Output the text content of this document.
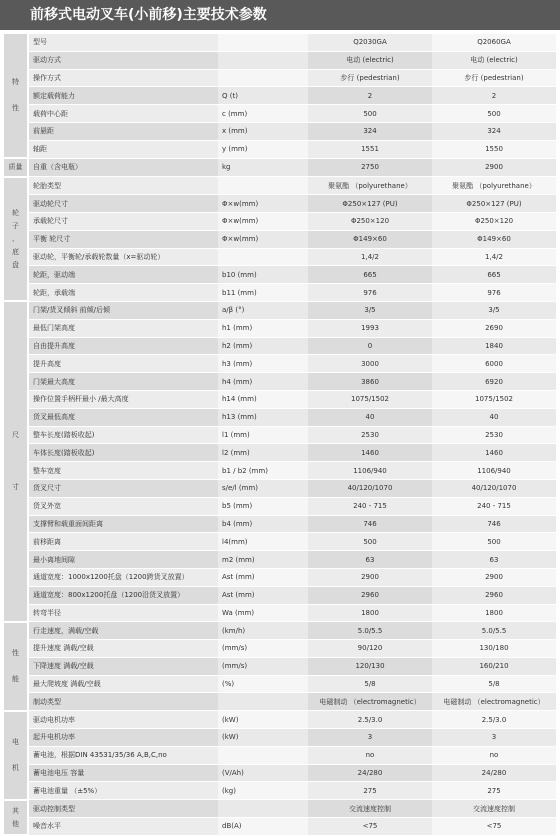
前移式电动叉车(小前移)主要技术参数
特

性	型号		Q2030GA	Q2060GA
	驱动方式		电动 (electric)	电动 (electric)
	操作方式		步行 (pedestrian)	步行 (pedestrian)
	额定载荷能力	Q (t)	2	2
	载荷中心距	c (mm)	500	500
	前悬距	x (mm)	324	324
	轴距	y (mm)	1551	1550
质量	自重（含电瓶）	kg	2750	2900
轮
子
、
底
盘	轮胎类型		聚氨酯 （polyurethane）	聚氨酯 （polyurethane）
	驱动轮尺寸	Φ×w(mm)	Φ250×127 (PU)	Φ250×127 (PU)
	承载轮尺寸	Φ×w(mm)	Φ250×120	Φ250×120
	平衡 轮尺寸	Φ×w(mm)	Φ149×60	Φ149×60
	驱动轮，平衡轮/承载轮数量（x=驱动轮）		1,4/2	1,4/2
	轮距，驱动端	b10 (mm)	665	665
	轮距，承载端	b11 (mm)	976	976
尺

寸	门架/货叉倾斜 前倾/后倾	a/β (°)	3/5	3/5
	最低门架高度	h1 (mm)	1993	2690
	自由提升高度	h2 (mm)	0	1840
	提升高度	h3 (mm)	3000	6000
	门架最大高度	h4 (mm)	3860	6920
	操作位置手柄杆最小 /最大高度	h14 (mm)	1075/1502	1075/1502
	货叉最低高度	h13 (mm)	40	40
	整车长度(踏板收起)	l1 (mm)	2530	2530
	车体长度(踏板收起)	l2 (mm)	1460	1460
	整车宽度	b1 / b2 (mm)	1106/940	1106/940
	货叉尺寸	s/e/l (mm)	40/120/1070	40/120/1070
	货叉外宽	b5 (mm)	240 - 715	240 - 715
	支撑臂和载重面间距离	b4 (mm)	746	746
	前移距离	l4(mm)	500	500
	最小离地间隙	m2 (mm)	63	63
	通道宽度：1000x1200托盘（1200跨货叉放置）	Ast (mm)	2900	2900
	通道宽度：800x1200托盘（1200沿货叉放置）	Ast (mm)	2960	2960
	转弯半径	Wa (mm)	1800	1800
性

能	行走速度，满载/空载	(km/h)	5.0/5.5	5.0/5.5
	提升速度 满载/空载	(mm/s)	90/120	130/180
	下降速度 满载/空载	(mm/s)	120/130	160/210
	最大爬坡度 满载/空载	(%)	5/8	5/8
	制动类型		电磁制动 （electromagnetic）	电磁制动 （electromagnetic）
电

机	驱动电机功率	(kW)	2.5/3.0	2.5/3.0
	起升电机功率	(kW)	3	3
	蓄电池，根据DIN 43531/35/36 A,B,C,no		no	no
	蓄电池电压 容量	(V/Ah)	24/280	24/280
	蓄电池重量 （±5%）	(kg)	275	275
其
他	驱动控制类型		交流速度控制	交流速度控制
	噪音水平	dB(A)	<75	<75
